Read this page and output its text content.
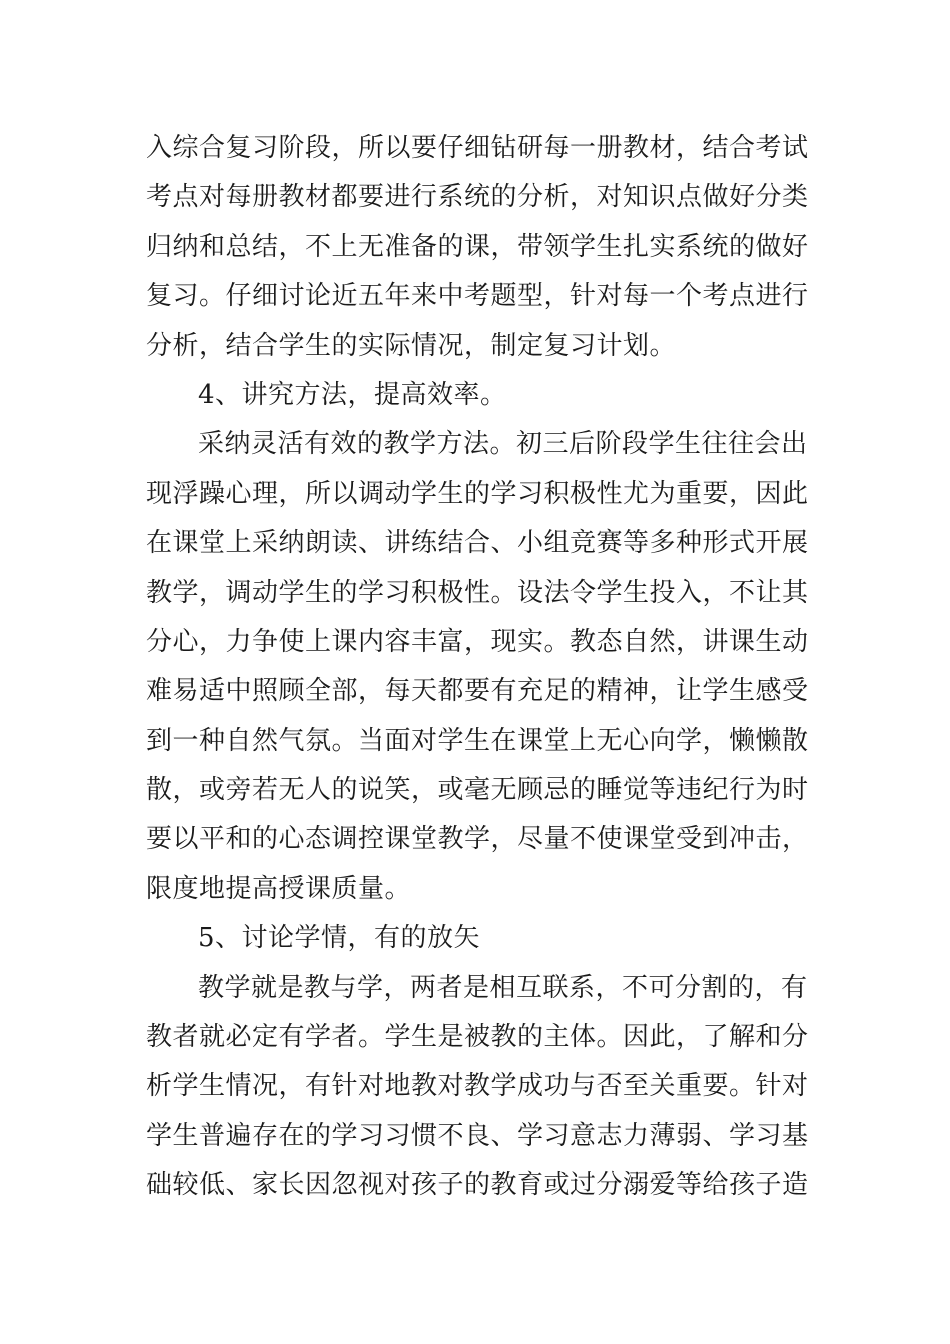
入综合复习阶段，所以要仔细钻研每一册教材，结合考试
考点对每册教材都要进行系统的分析，对知识点做好分类
归纳和总结，不上无准备的课，带领学生扎实系统的做好
复习。仔细讨论近五年来中考题型，针对每一个考点进行
分析，结合学生的实际情况，制定复习计划。
4、讲究方法，提高效率。
采纳灵活有效的教学方法。初三后阶段学生往往会出
现浮躁心理，所以调动学生的学习积极性尤为重要，因此
在课堂上采纳朗读、讲练结合、小组竞赛等多种形式开展
教学，调动学生的学习积极性。设法令学生投入，不让其
分心，力争使上课内容丰富，现实。教态自然，讲课生动
难易适中照顾全部，每天都要有充足的精神，让学生感受
到一种自然气氛。当面对学生在课堂上无心向学，懒懒散
散，或旁若无人的说笑，或毫无顾忌的睡觉等违纪行为时
要以平和的心态调控课堂教学，尽量不使课堂受到冲击，
限度地提高授课质量。
5、讨论学情，有的放矢
教学就是教与学，两者是相互联系，不可分割的，有
教者就必定有学者。学生是被教的主体。因此，了解和分
析学生情况，有针对地教对教学成功与否至关重要。针对
学生普遍存在的学习习惯不良、学习意志力薄弱、学习基
础较低、家长因忽视对孩子的教育或过分溺爱等给孩子造
